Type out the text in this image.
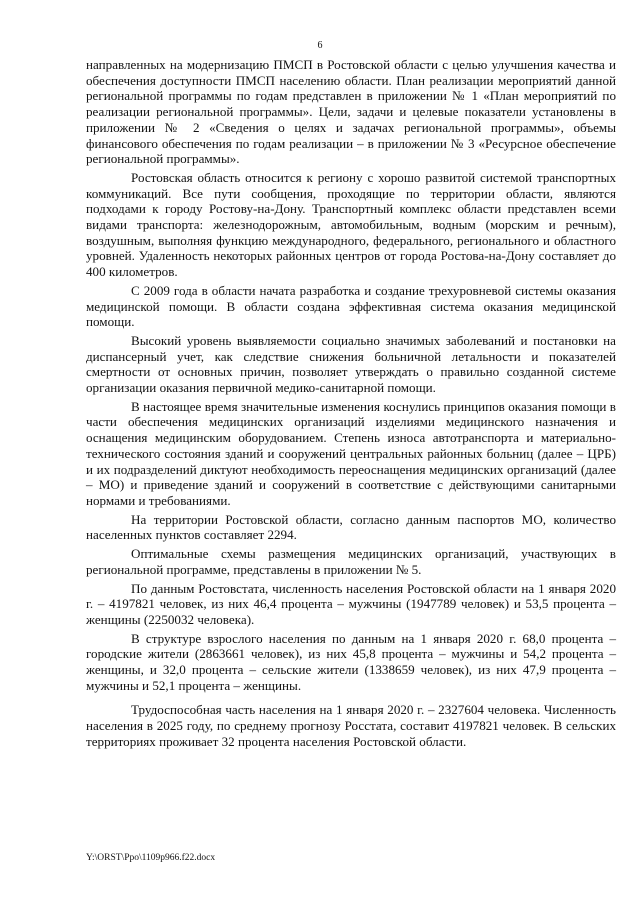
6

направленных на модернизацию ПМСП в Ростовской области с целью улучшения качества и обеспечения доступности ПМСП населению области. План реализации мероприятий данной региональной программы по годам представлен в приложении № 1 «План мероприятий по реализации региональной программы». Цели, задачи и целевые показатели установлены в приложении № 2 «Сведения о целях и задачах региональной программы», объемы финансового обеспечения по годам реализации – в приложении № 3 «Ресурсное обеспечение региональной программы».

Ростовская область относится к региону с хорошо развитой системой транспортных коммуникаций. Все пути сообщения, проходящие по территории области, являются подходами к городу Ростову-на-Дону. Транспортный комплекс области представлен всеми видами транспорта: железнодорожным, автомобильным, водным (морским и речным), воздушным, выполняя функцию международного, федерального, регионального и областного уровней. Удаленность некоторых районных центров от города Ростова-на-Дону составляет до 400 километров.

С 2009 года в области начата разработка и создание трехуровневой системы оказания медицинской помощи. В области создана эффективная система оказания медицинской помощи.

Высокий уровень выявляемости социально значимых заболеваний и постановки на диспансерный учет, как следствие снижения больничной летальности и показателей смертности от основных причин, позволяет утверждать о правильно созданной системе организации оказания первичной медико-санитарной помощи.

В настоящее время значительные изменения коснулись принципов оказания помощи в части обеспечения медицинских организаций изделиями медицинского назначения и оснащения медицинским оборудованием. Степень износа автотранспорта и материально-технического состояния зданий и сооружений центральных районных больниц (далее – ЦРБ) и их подразделений диктуют необходимость переоснащения медицинских организаций (далее – МО) и приведение зданий и сооружений в соответствие с действующими санитарными нормами и требованиями.

На территории Ростовской области, согласно данным паспортов МО, количество населенных пунктов составляет 2294.

Оптимальные схемы размещения медицинских организаций, участвующих в региональной программе, представлены в приложении № 5.

По данным Ростовстата, численность населения Ростовской области на 1 января 2020 г. – 4197821 человек, из них 46,4 процента – мужчины (1947789 человек) и 53,5 процента – женщины (2250032 человека).

В структуре взрослого населения по данным на 1 января 2020 г. 68,0 процента – городские жители (2863661 человек), из них 45,8 процента – мужчины и 54,2 процента – женщины, и 32,0 процента – сельские жители (1338659 человек), из них 47,9 процента – мужчины и 52,1 процента – женщины.

Трудоспособная часть населения на 1 января 2020 г. – 2327604 человека. Численность населения в 2025 году, по среднему прогнозу Росстата, составит 4197821 человек. В сельских территориях проживает 32 процента населения Ростовской области.

Y:\ORST\Ppo\1109p966.f22.docx
